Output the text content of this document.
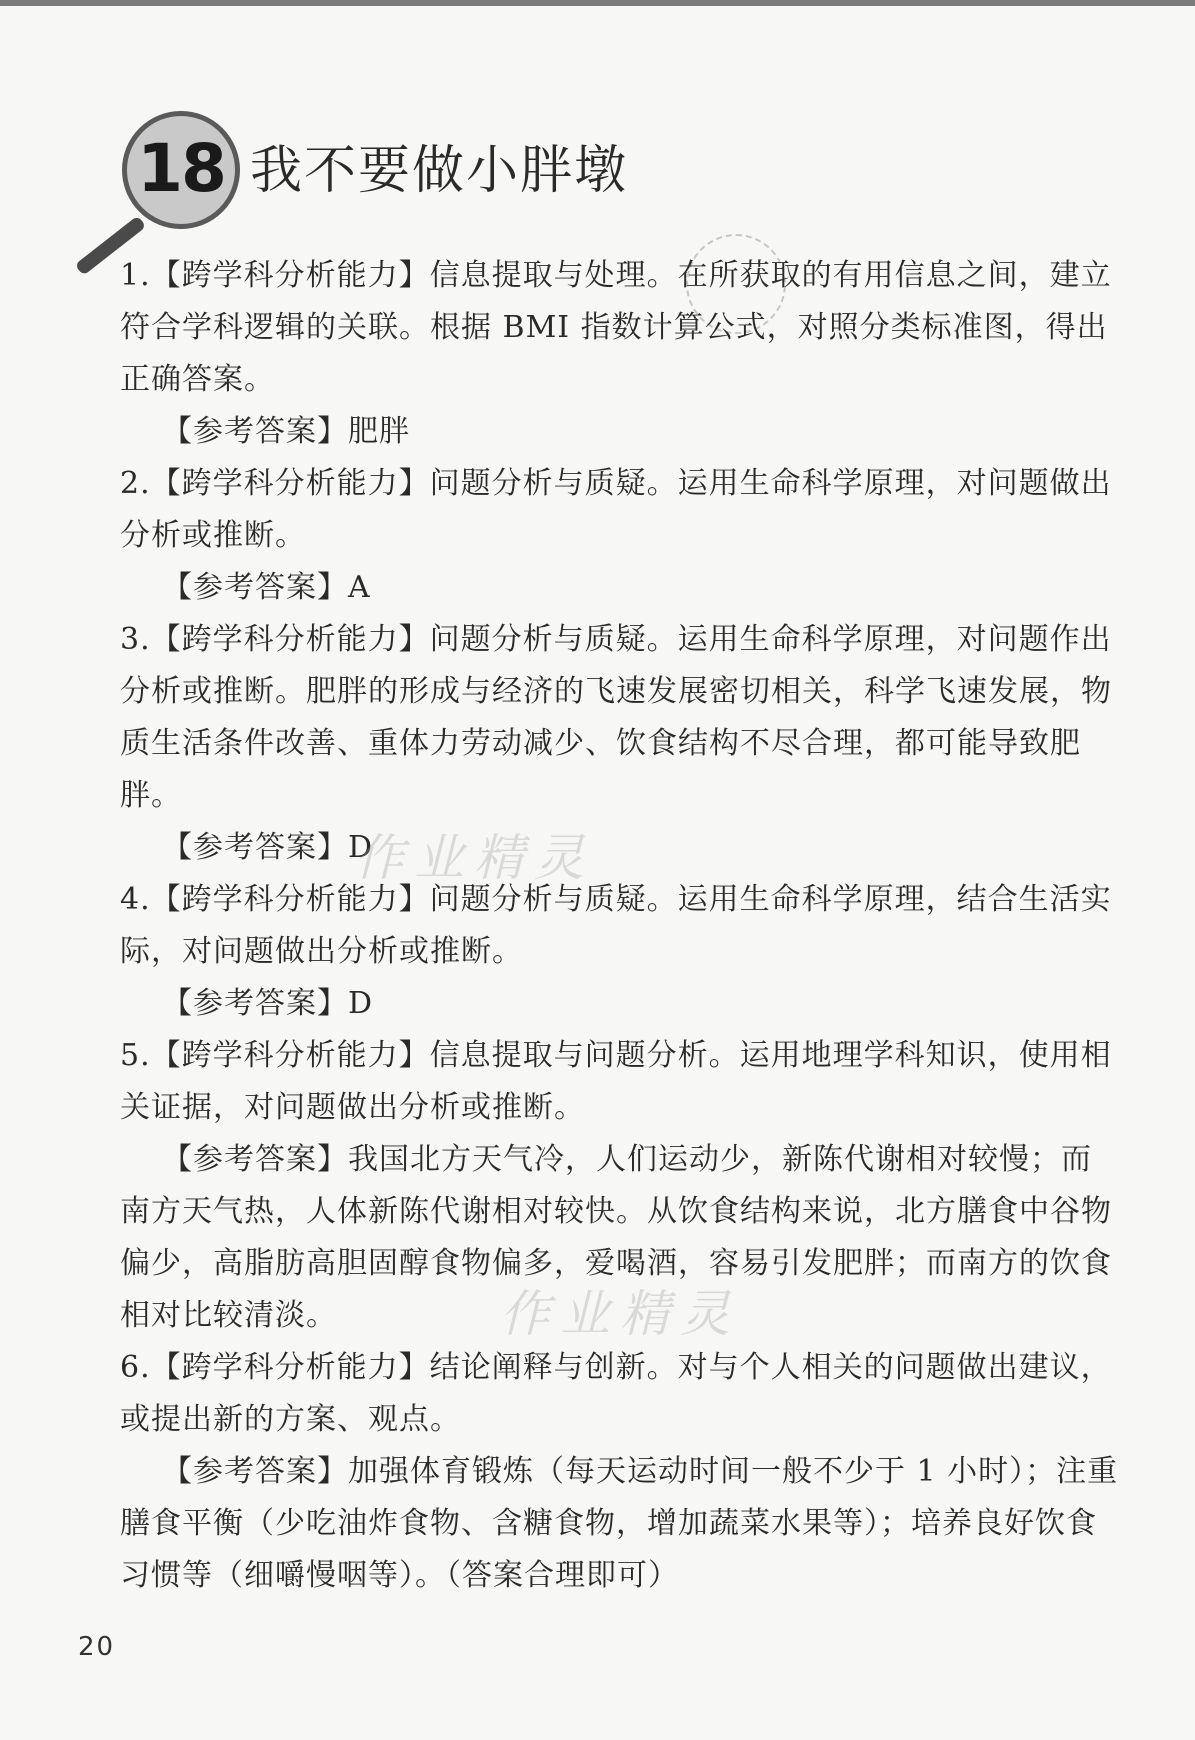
18 我不要做小胖墩

1.【跨学科分析能力】信息提取与处理。在所获取的有用信息之间，建立符合学科逻辑的关联。根据 BMI 指数计算公式，对照分类标准图，得出正确答案。

【参考答案】肥胖

2.【跨学科分析能力】问题分析与质疑。运用生命科学原理，对问题做出分析或推断。

【参考答案】A

3.【跨学科分析能力】问题分析与质疑。运用生命科学原理，对问题作出分析或推断。肥胖的形成与经济的飞速发展密切相关，科学飞速发展，物质生活条件改善、重体力劳动减少、饮食结构不尽合理，都可能导致肥胖。

【参考答案】D

4.【跨学科分析能力】问题分析与质疑。运用生命科学原理，结合生活实际，对问题做出分析或推断。

【参考答案】D

5.【跨学科分析能力】信息提取与问题分析。运用地理学科知识，使用相关证据，对问题做出分析或推断。

【参考答案】我国北方天气冷，人们运动少，新陈代谢相对较慢；而南方天气热，人体新陈代谢相对较快。从饮食结构来说，北方膳食中谷物偏少，高脂肪高胆固醇食物偏多，爱喝酒，容易引发肥胖；而南方的饮食相对比较清淡。

6.【跨学科分析能力】结论阐释与创新。对与个人相关的问题做出建议，或提出新的方案、观点。

【参考答案】加强体育锻炼（每天运动时间一般不少于 1 小时）；注重膳食平衡（少吃油炸食物、含糖食物，增加蔬菜水果等）；培养良好饮食习惯等（细嚼慢咽等）。（答案合理即可）

作业精灵
作业精灵
20
